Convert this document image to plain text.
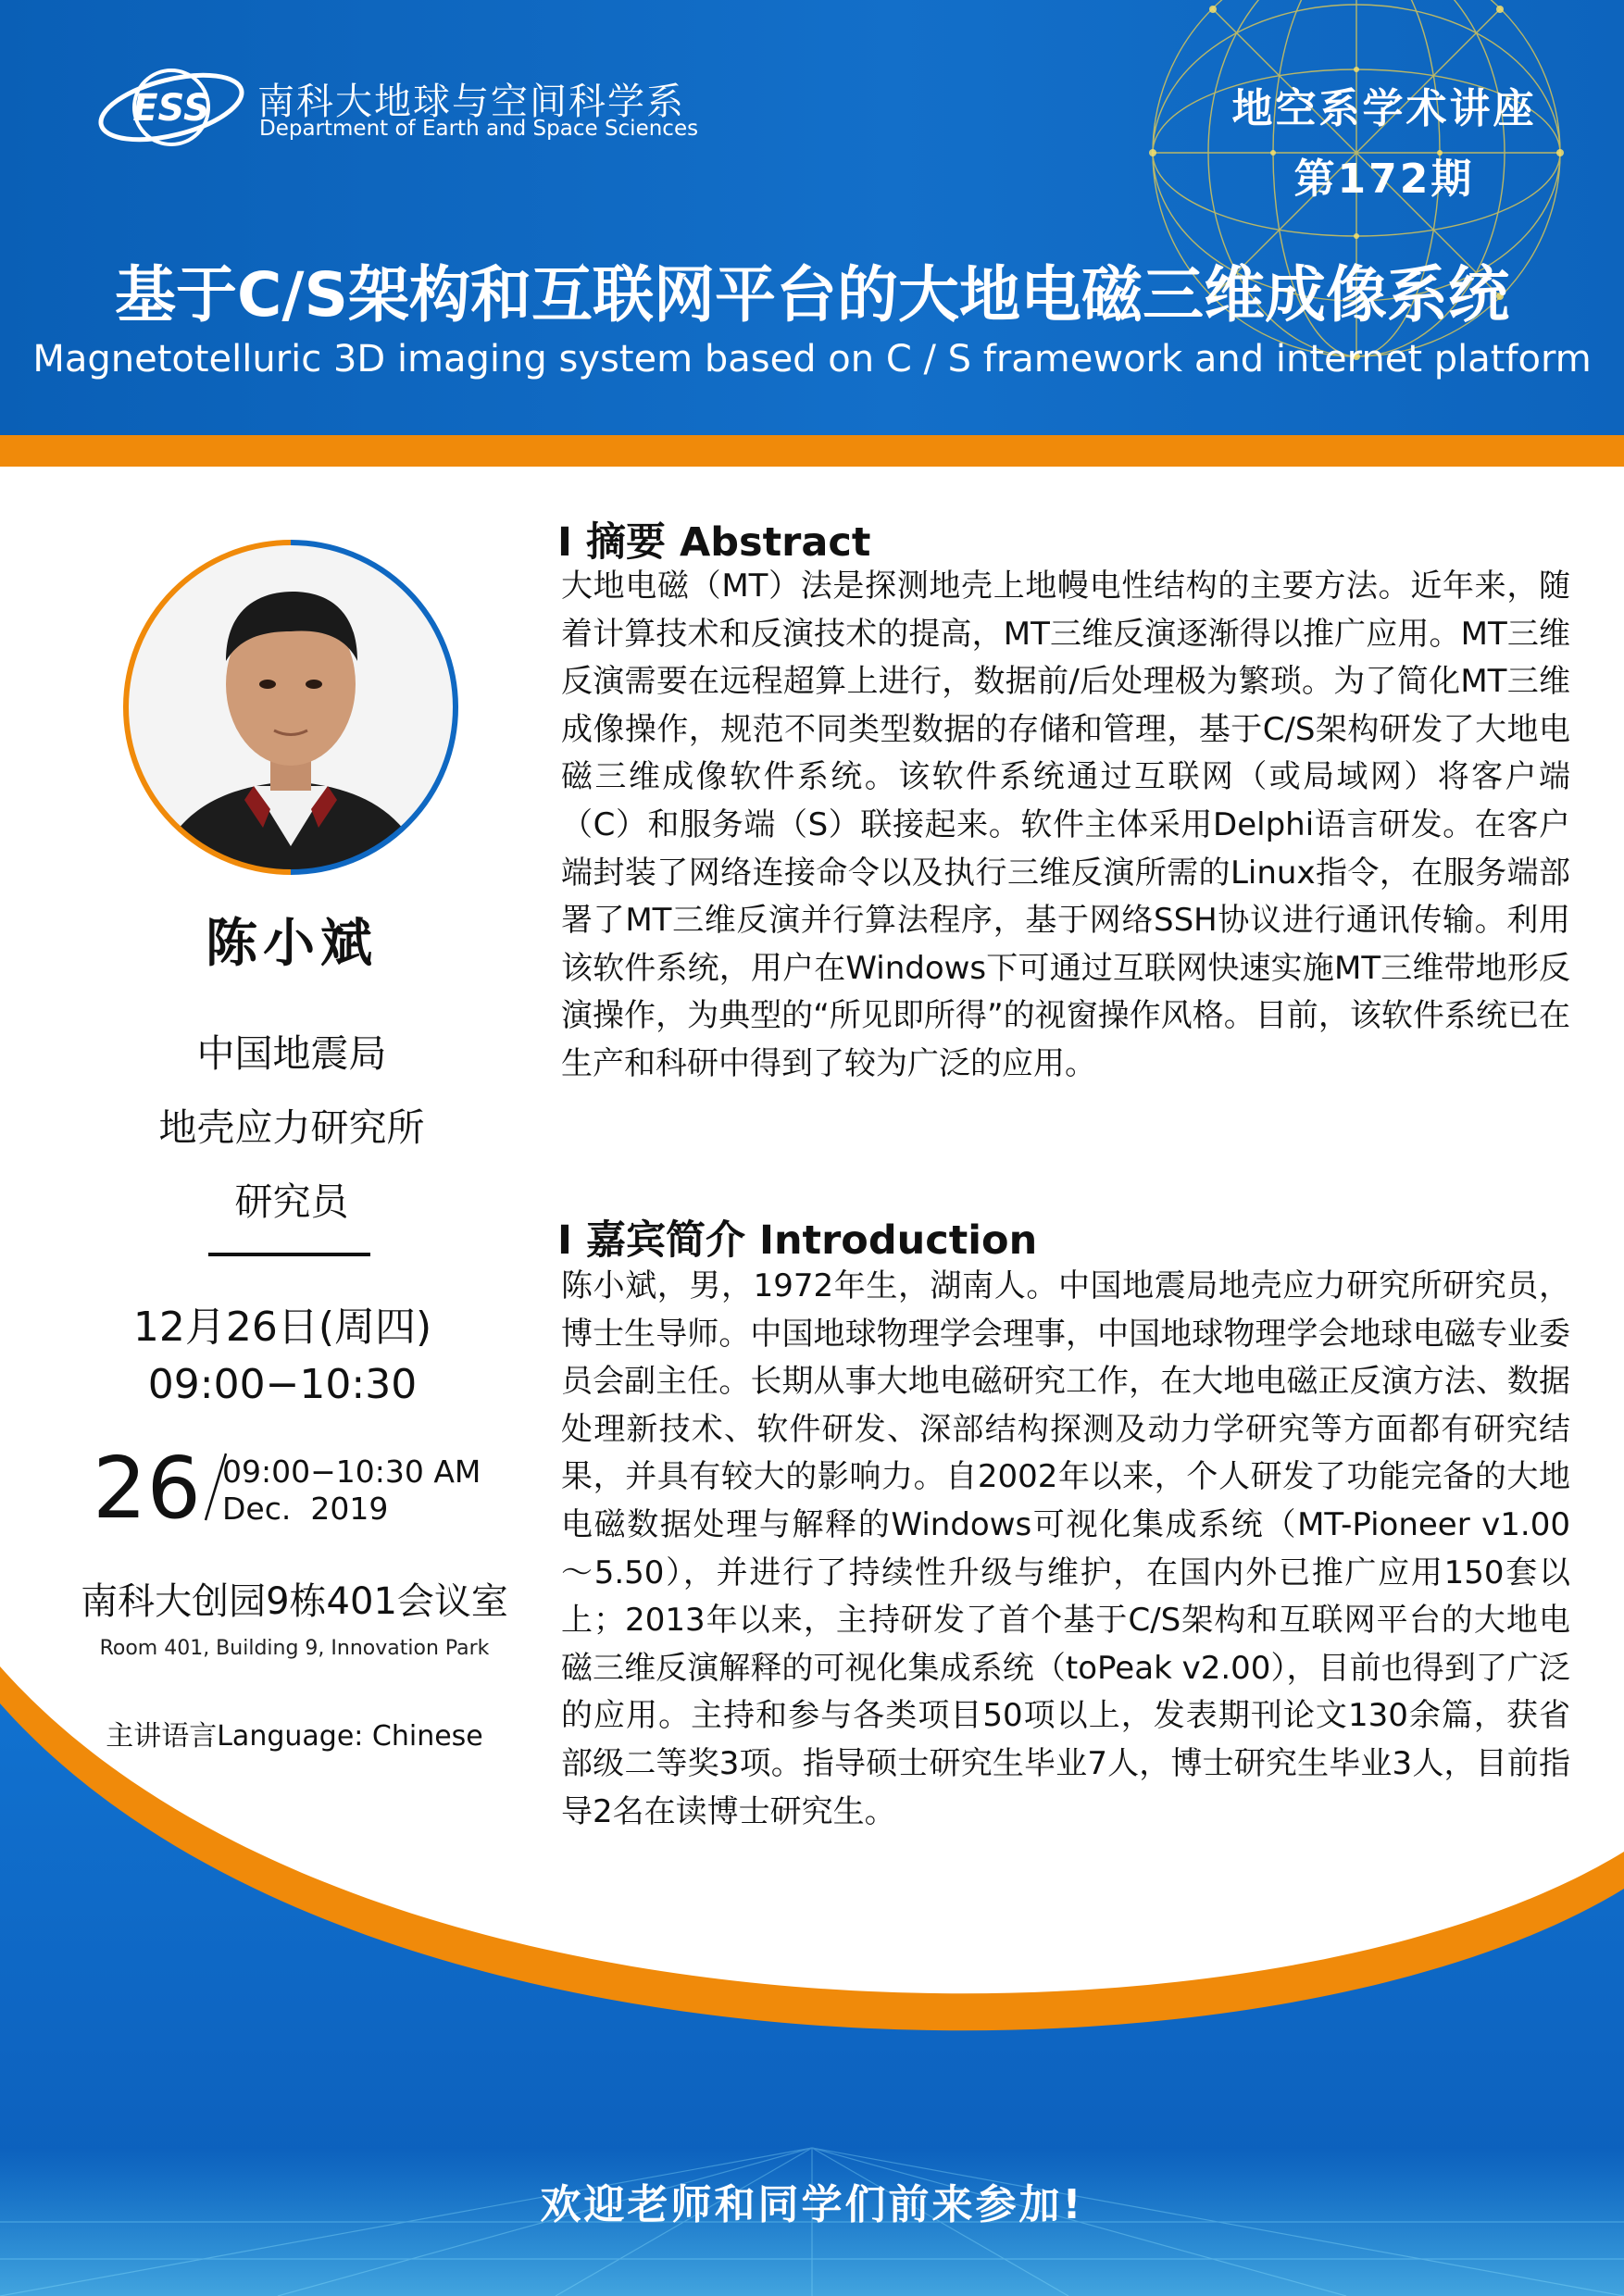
ESS 南科大地球与空间科学系
Department of Earth and Space Sciences	地空系学术讲座
第172期
基于C/S架构和互联网平台的大地电磁三维成像系统
Magnetotelluric 3D imaging system based on C / S framework and internet platform
欢迎老师和同学们前来参加!
陈小斌
中国地震局
地壳应力研究所
研究员
12月26日(周四)
09:00−10:30
26 09:00−10:30 AM
Dec.  2019
南科大创园9栋401会议室
Room 401, Building 9, Innovation Park
主讲语言Language: Chinese
I 摘要 Abstract
大地电磁（MT）法是探测地壳上地幔电性结构的主要方法。近年来，随着计算技术和反演技术的提高，MT三维反演逐渐得以推广应用。MT三维反演需要在远程超算上进行，数据前/后处理极为繁琐。为了简化MT三维成像操作，规范不同类型数据的存储和管理，基于C/S架构研发了大地电磁三维成像软件系统。该软件系统通过互联网（或局域网）将客户端（C）和服务端（S）联接起来。软件主体采用Delphi语言研发。在客户端封装了网络连接命令以及执行三维反演所需的Linux指令，在服务端部署了MT三维反演并行算法程序，基于网络SSH协议进行通讯传输。利用该软件系统，用户在Windows下可通过互联网快速实施MT三维带地形反演操作，为典型的“所见即所得”的视窗操作风格。目前，该软件系统已在生产和科研中得到了较为广泛的应用。
I 嘉宾简介 Introduction
陈小斌，男，1972年生，湖南人。中国地震局地壳应力研究所研究员，博士生导师。中国地球物理学会理事，中国地球物理学会地球电磁专业委员会副主任。长期从事大地电磁研究工作，在大地电磁正反演方法、数据处理新技术、软件研发、深部结构探测及动力学研究等方面都有研究结果，并具有较大的影响力。自2002年以来，个人研发了功能完备的大地电磁数据处理与解释的Windows可视化集成系统（MT-Pioneer v1.00～5.50），并进行了持续性升级与维护，在国内外已推广应用150套以上；2013年以来，主持研发了首个基于C/S架构和互联网平台的大地电磁三维反演解释的可视化集成系统（toPeak v2.00），目前也得到了广泛的应用。主持和参与各类项目50项以上，发表期刊论文130余篇，获省部级二等奖3项。指导硕士研究生毕业7人，博士研究生毕业3人，目前指导2名在读博士研究生。
